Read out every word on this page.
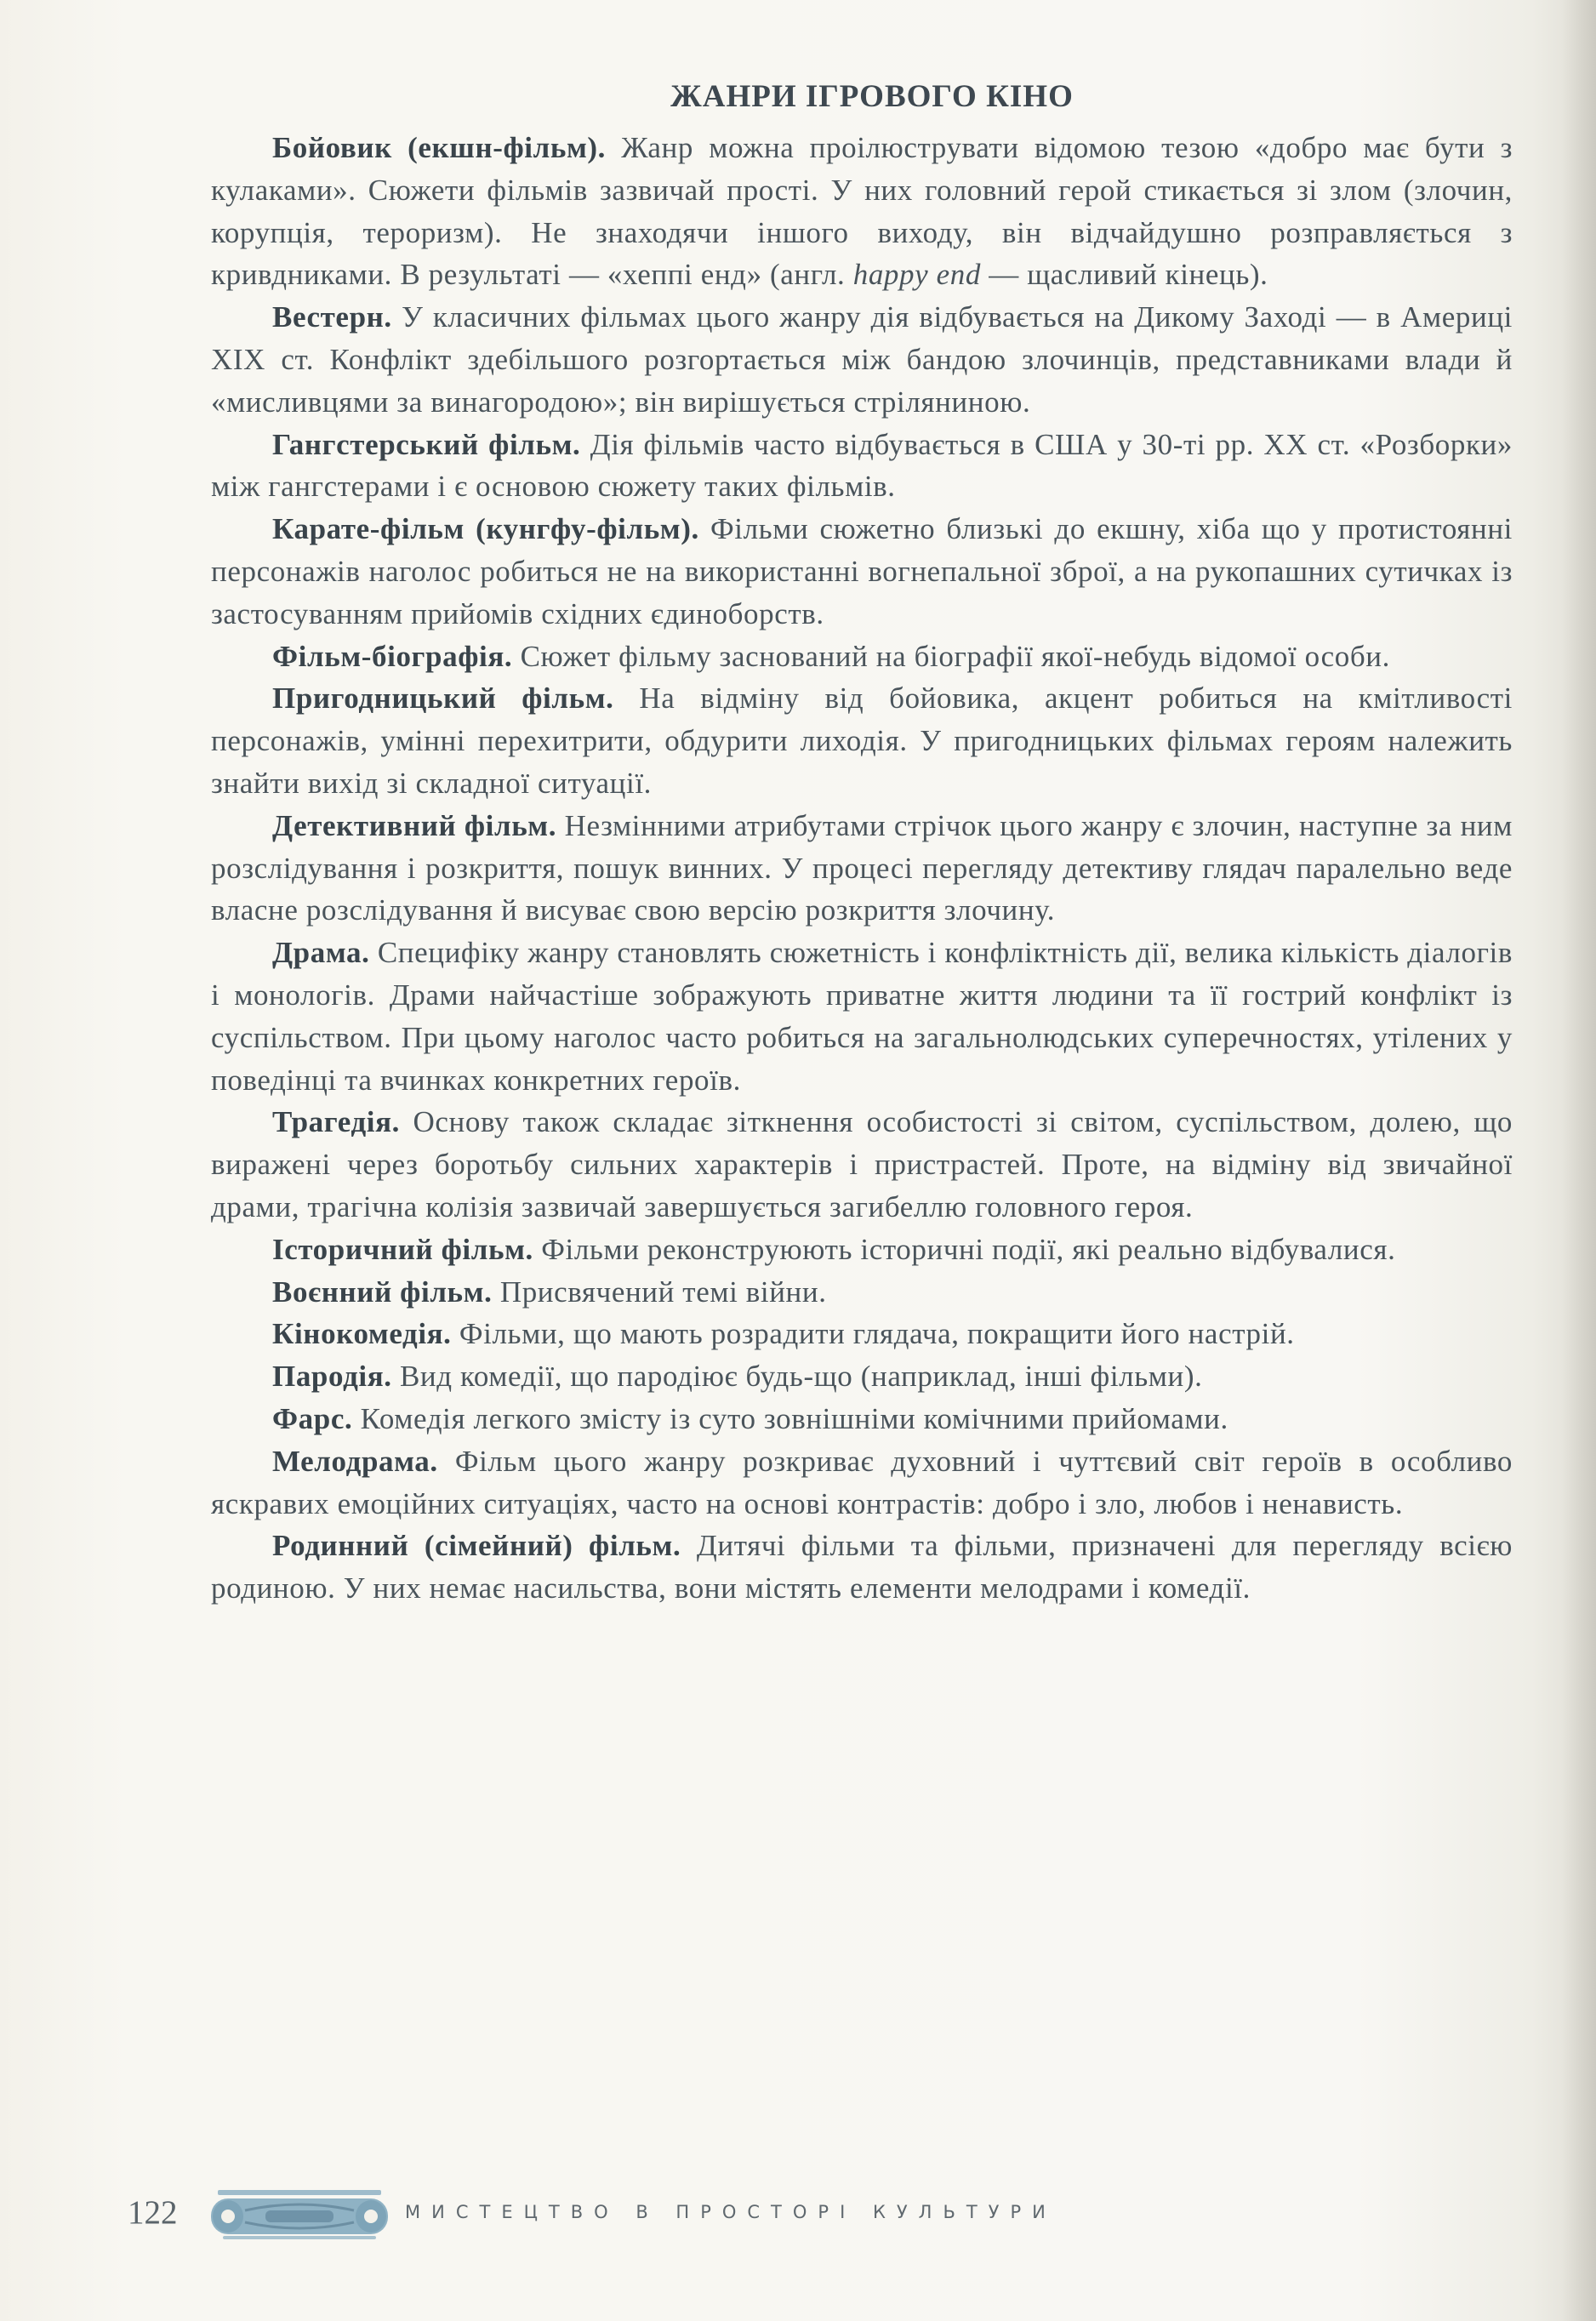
ЖАНРИ ІГРОВОГО КІНО

Бойовик (екшн-фільм). Жанр можна проілюструвати відомою тезою «добро має бути з кулаками». Сюжети фільмів зазвичай прості. У них головний герой стикається зі злом (злочин, корупція, тероризм). Не знаходячи іншого виходу, він відчайдушно розправляється з кривдниками. В результаті — «хеппі енд» (англ. happy end — щасливий кінець).

Вестерн. У класичних фільмах цього жанру дія відбувається на Дикому Заході — в Америці XIX ст. Конфлікт здебільшого розгортається між бандою злочинців, представниками влади й «мисливцями за винагородою»; він вирішується стріляниною.

Гангстерський фільм. Дія фільмів часто відбувається в США у 30-ті рр. XX ст. «Розборки» між гангстерами і є основою сюжету таких фільмів.

Карате-фільм (кунгфу-фільм). Фільми сюжетно близькі до екшну, хіба що у протистоянні персонажів наголос робиться не на використанні вогнепальної зброї, а на рукопашних сутичках із застосуванням прийомів східних єдиноборств.

Фільм-біографія. Сюжет фільму заснований на біографії якої-небудь відомої особи.

Пригодницький фільм. На відміну від бойовика, акцент робиться на кмітливості персонажів, умінні перехитрити, обдурити лиходія. У пригодницьких фільмах героям належить знайти вихід зі складної ситуації.

Детективний фільм. Незмінними атрибутами стрічок цього жанру є злочин, наступне за ним розслідування і розкриття, пошук винних. У процесі перегляду детективу глядач паралельно веде власне розслідування й висуває свою версію розкриття злочину.

Драма. Специфіку жанру становлять сюжетність і конфліктність дії, велика кількість діалогів і монологів. Драми найчастіше зображують приватне життя людини та її гострий конфлікт із суспільством. При цьому наголос часто робиться на загальнолюдських суперечностях, утілених у поведінці та вчинках конкретних героїв.

Трагедія. Основу також складає зіткнення особистості зі світом, суспільством, долею, що виражені через боротьбу сильних характерів і пристрастей. Проте, на відміну від звичайної драми, трагічна колізія зазвичай завершується загибеллю головного героя.

Історичний фільм. Фільми реконструюють історичні події, які реально відбувалися.

Воєнний фільм. Присвячений темі війни.

Кінокомедія. Фільми, що мають розрадити глядача, покращити його настрій.

Пародія. Вид комедії, що пародіює будь-що (наприклад, інші фільми).

Фарс. Комедія легкого змісту із суто зовнішніми комічними прийомами.

Мелодрама. Фільм цього жанру розкриває духовний і чуттєвий світ героїв в особливо яскравих емоційних ситуаціях, часто на основі контрастів: добро і зло, любов і ненависть.

Родинний (сімейний) фільм. Дитячі фільми та фільми, призначені для перегляду всією родиною. У них немає насильства, вони містять елементи мелодрами і комедії.

122	МИСТЕЦТВО В ПРОСТОРІ КУЛЬТУРИ
